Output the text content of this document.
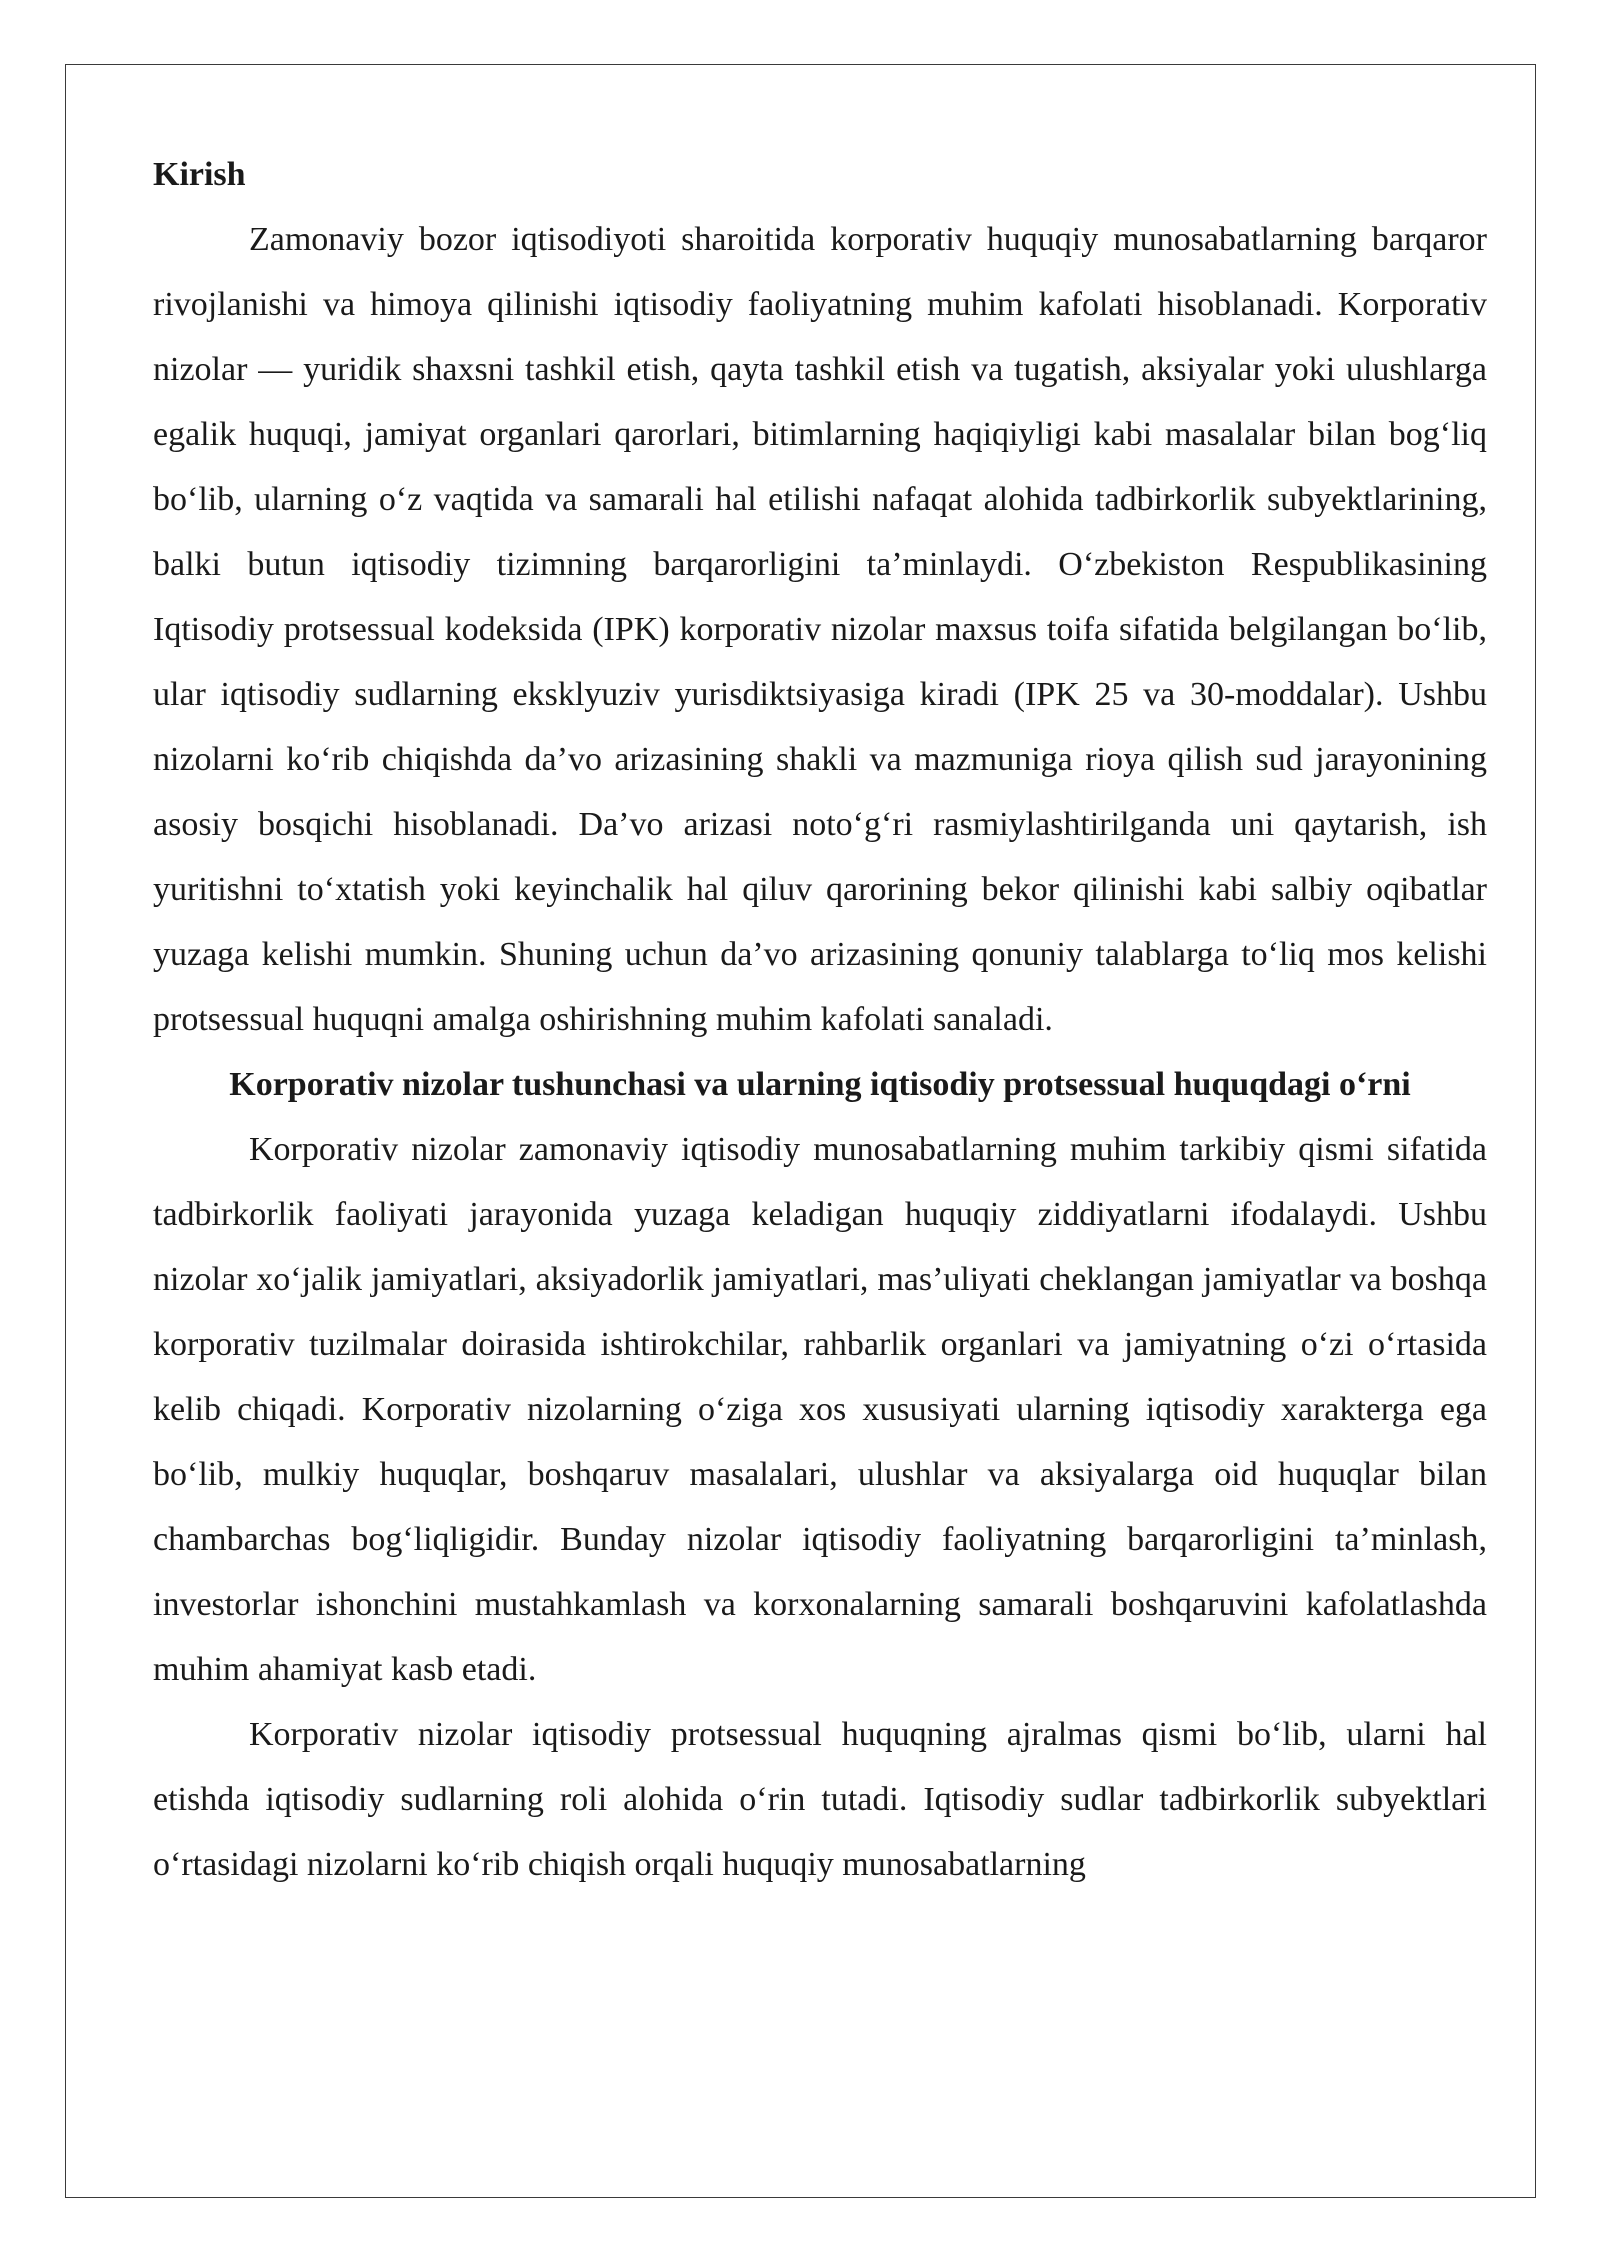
Kirish

Zamonaviy bozor iqtisodiyoti sharoitida korporativ huquqiy munosabatlarning barqaror rivojlanishi va himoya qilinishi iqtisodiy faoliyatning muhim kafolati hisoblanadi. Korporativ nizolar — yuridik shaxsni tashkil etish, qayta tashkil etish va tugatish, aksiyalar yoki ulushlarga egalik huquqi, jamiyat organlari qarorlari, bitimlarning haqiqiyligi kabi masalalar bilan bog‘liq bo‘lib, ularning o‘z vaqtida va samarali hal etilishi nafaqat alohida tadbirkorlik subyektlarining, balki butun iqtisodiy tizimning barqarorligini ta’minlaydi. O‘zbekiston Respublikasining Iqtisodiy protsessual kodeksida (IPK) korporativ nizolar maxsus toifa sifatida belgilangan bo‘lib, ular iqtisodiy sudlarning eksklyuziv yurisdiktsiyasiga kiradi (IPK 25 va 30-moddalar). Ushbu nizolarni ko‘rib chiqishda da’vo arizasining shakli va mazmuniga rioya qilish sud jarayonining asosiy bosqichi hisoblanadi. Da’vo arizasi noto‘g‘ri rasmiylashtirilganda uni qaytarish, ish yuritishni to‘xtatish yoki keyinchalik hal qiluv qarorining bekor qilinishi kabi salbiy oqibatlar yuzaga kelishi mumkin. Shuning uchun da’vo arizasining qonuniy talablarga to‘liq mos kelishi protsessual huquqni amalga oshirishning muhim kafolati sanaladi.

Korporativ nizolar tushunchasi va ularning iqtisodiy protsessual huquqdagi o‘rni

Korporativ nizolar zamonaviy iqtisodiy munosabatlarning muhim tarkibiy qismi sifatida tadbirkorlik faoliyati jarayonida yuzaga keladigan huquqiy ziddiyatlarni ifodalaydi. Ushbu nizolar xo‘jalik jamiyatlari, aksiyadorlik jamiyatlari, mas’uliyati cheklangan jamiyatlar va boshqa korporativ tuzilmalar doirasida ishtirokchilar, rahbarlik organlari va jamiyatning o‘zi o‘rtasida kelib chiqadi. Korporativ nizolarning o‘ziga xos xususiyati ularning iqtisodiy xarakterga ega bo‘lib, mulkiy huquqlar, boshqaruv masalalari, ulushlar va aksiyalarga oid huquqlar bilan chambarchas bog‘liqligidir. Bunday nizolar iqtisodiy faoliyatning barqarorligini ta’minlash, investorlar ishonchini mustahkamlash va korxonalarning samarali boshqaruvini kafolatlashda muhim ahamiyat kasb etadi.

Korporativ nizolar iqtisodiy protsessual huquqning ajralmas qismi bo‘lib, ularni hal etishda iqtisodiy sudlarning roli alohida o‘rin tutadi. Iqtisodiy sudlar tadbirkorlik subyektlari o‘rtasidagi nizolarni ko‘rib chiqish orqali huquqiy munosabatlarning
